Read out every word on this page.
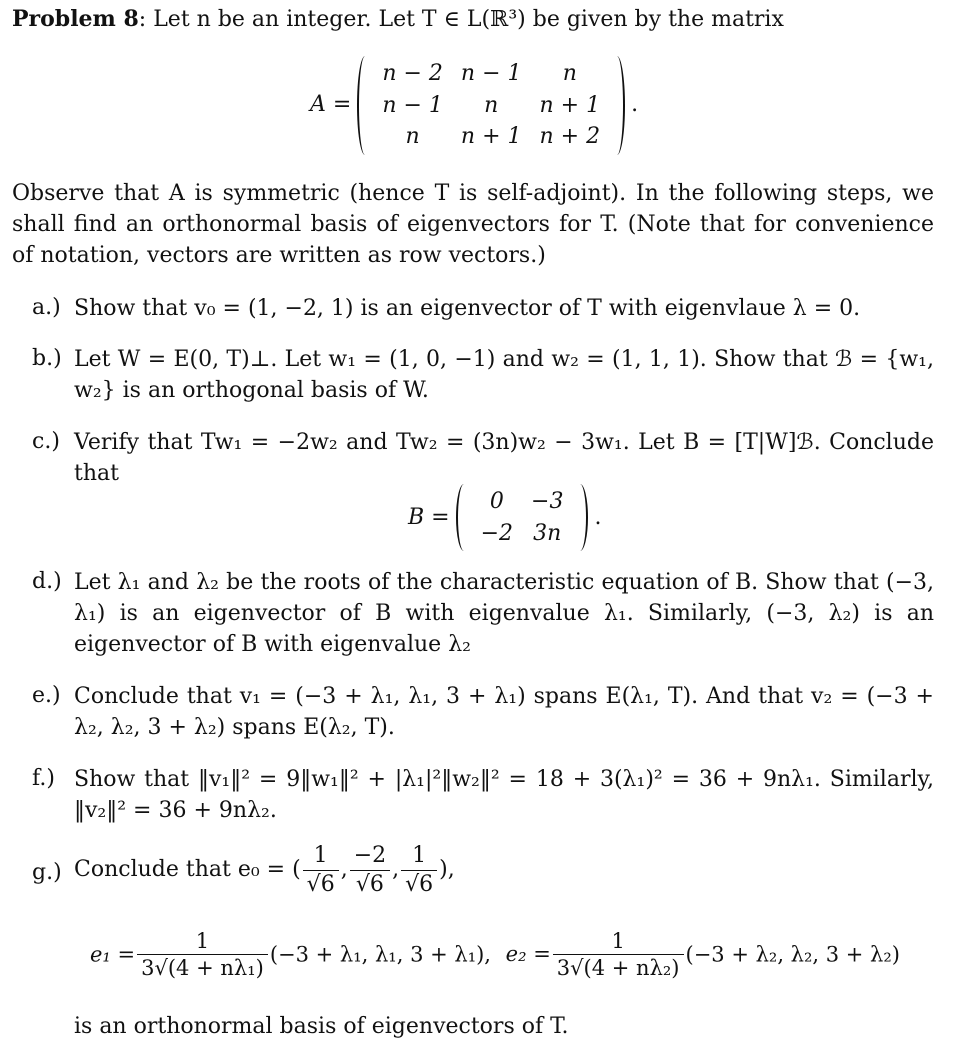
Problem 8: Let n be an integer. Let T ∈ L(ℝ³) be given by the matrix
A =
n − 2	n − 1	n
n − 1	n	n + 1
n	n + 1	n + 2
.
Observe that A is symmetric (hence T is self-adjoint). In the following steps, we shall find an orthonormal basis of eigenvectors for T. (Note that for convenience of notation, vectors are written as row vectors.)
a.) Show that v₀ = (1, −2, 1) is an eigenvector of T with eigenvlaue λ = 0.
b.) Let W = E(0, T)⊥. Let w₁ = (1, 0, −1) and w₂ = (1, 1, 1). Show that ℬ = {w₁, w₂} is an orthogonal basis of W.
c.) Verify that Tw₁ = −2w₂ and Tw₂ = (3n)w₂ − 3w₁. Let B = [T|W]ℬ. Conclude that
B =
0	−3
−2	3n
.
d.) Let λ₁ and λ₂ be the roots of the characteristic equation of B. Show that (−3, λ₁) is an eigenvector of B with eigenvalue λ₁. Similarly, (−3, λ₂) is an eigenvector of B with eigenvalue λ₂
e.) Conclude that v₁ = (−3 + λ₁, λ₁, 3 + λ₁) spans E(λ₁, T). And that v₂ = (−3 + λ₂, λ₂, 3 + λ₂) spans E(λ₂, T).
f.) Show that ‖v₁‖² = 9‖w₁‖² + |λ₁|²‖w₂‖² = 18 + 3(λ₁)² = 36 + 9nλ₁. Similarly, ‖v₂‖² = 36 + 9nλ₂.
g.) Conclude that e₀ = ( $\frac{1}{√6}$ , $\frac{-2}{√6}$ , $\frac{1}{√6}$ ),
$e_1 = \frac{1}{\text{3√(4 + nλ₁)}} (-3 + \lambda_1$, λ₁, 3 + λ₁), $e_2 = \frac{1}{\text{3√(4 + nλ₂)}} (-3 + \lambda_2$, λ₂, 3 + λ₂)
is an orthonormal basis of eigenvectors of T.
